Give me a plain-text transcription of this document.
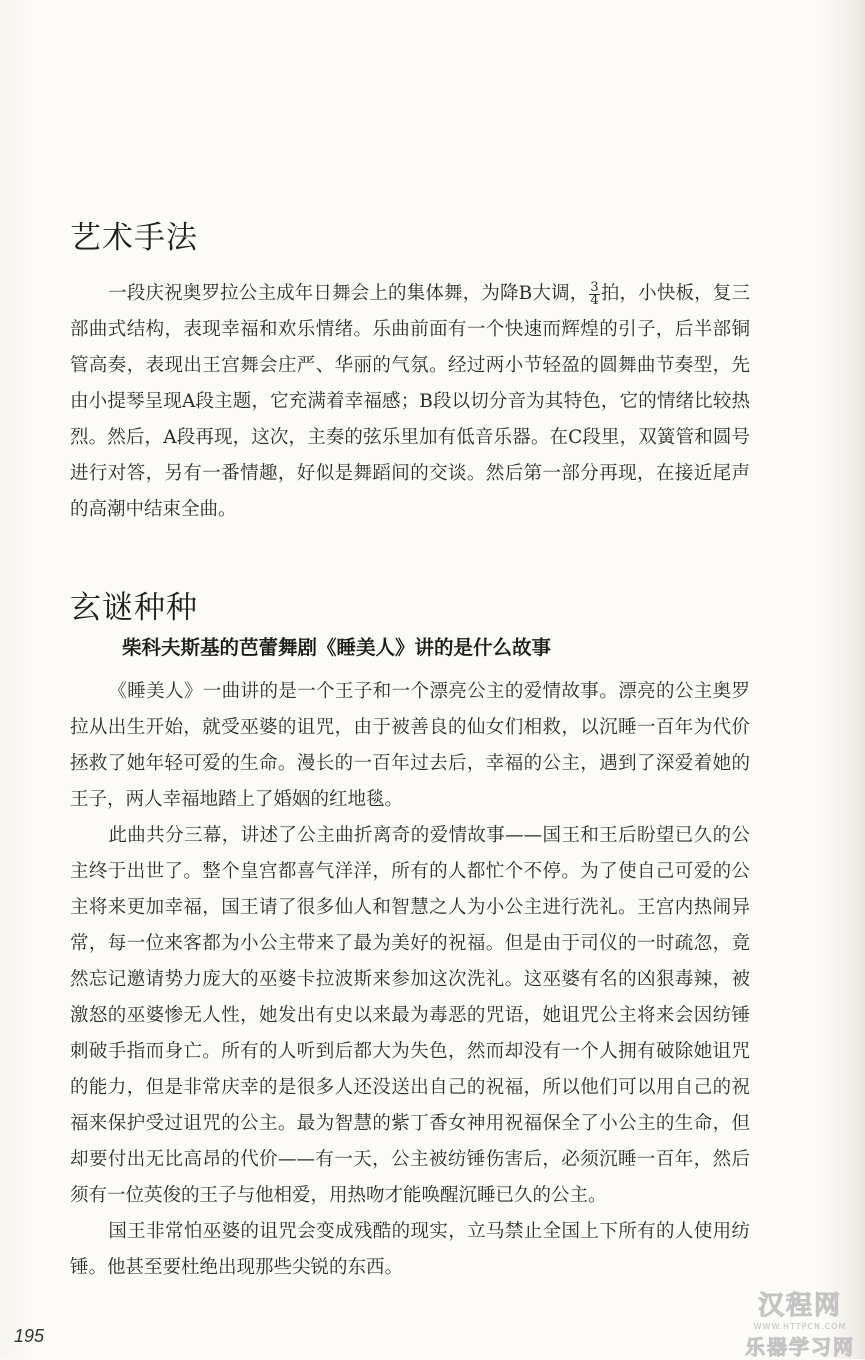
艺术手法

一段庆祝奥罗拉公主成年日舞会上的集体舞，为降B大调， $\frac{3}{4}$ 拍，小快板，复三部曲式结构，表现幸福和欢乐情绪。乐曲前面有一个快速而辉煌的引子，后半部铜管高奏，表现出王宫舞会庄严、华丽的气氛。经过两小节轻盈的圆舞曲节奏型，先由小提琴呈现A段主题，它充满着幸福感；B段以切分音为其特色，它的情绪比较热烈。然后，A段再现，这次，主奏的弦乐里加有低音乐器。在C段里，双簧管和圆号进行对答，另有一番情趣，好似是舞蹈间的交谈。然后第一部分再现，在接近尾声的高潮中结束全曲。

玄谜种种
柴科夫斯基的芭蕾舞剧《睡美人》讲的是什么故事

《睡美人》一曲讲的是一个王子和一个漂亮公主的爱情故事。漂亮的公主奥罗拉从出生开始，就受巫婆的诅咒，由于被善良的仙女们相救，以沉睡一百年为代价拯救了她年轻可爱的生命。漫长的一百年过去后，幸福的公主，遇到了深爱着她的王子，两人幸福地踏上了婚姻的红地毯。

此曲共分三幕，讲述了公主曲折离奇的爱情故事——国王和王后盼望已久的公主终于出世了。整个皇宫都喜气洋洋，所有的人都忙个不停。为了使自己可爱的公主将来更加幸福，国王请了很多仙人和智慧之人为小公主进行洗礼。王宫内热闹异常，每一位来客都为小公主带来了最为美好的祝福。但是由于司仪的一时疏忽，竟然忘记邀请势力庞大的巫婆卡拉波斯来参加这次洗礼。这巫婆有名的凶狠毒辣，被激怒的巫婆惨无人性，她发出有史以来最为毒恶的咒语，她诅咒公主将来会因纺锤刺破手指而身亡。所有的人听到后都大为失色，然而却没有一个人拥有破除她诅咒的能力，但是非常庆幸的是很多人还没送出自己的祝福，所以他们可以用自己的祝福来保护受过诅咒的公主。最为智慧的紫丁香女神用祝福保全了小公主的生命，但却要付出无比高昂的代价——有一天，公主被纺锤伤害后，必须沉睡一百年，然后须有一位英俊的王子与他相爱，用热吻才能唤醒沉睡已久的公主。

国王非常怕巫婆的诅咒会变成残酷的现实，立马禁止全国上下所有的人使用纺锤。他甚至要杜绝出现那些尖锐的东西。

195
汉程网
WWW.HTTPCN.COM
乐器学习网
